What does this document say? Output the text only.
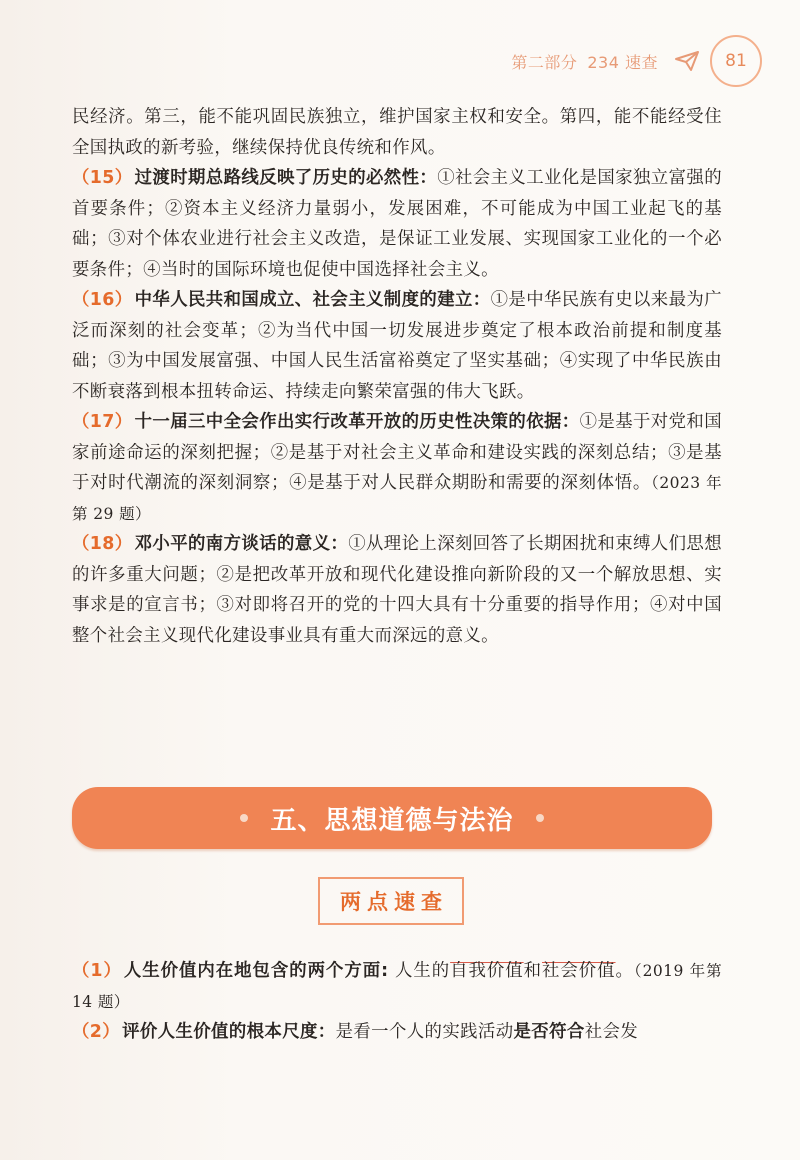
第二部分 234 速查	81

民经济。第三，能不能巩固民族独立，维护国家主权和安全。第四，能不能经受住全国执政的新考验，继续保持优良传统和作风。

（15） 过渡时期总路线反映了历史的必然性：①社会主义工业化是国家独立富强的首要条件；②资本主义经济力量弱小，发展困难，不可能成为中国工业起飞的基础；③对个体农业进行社会主义改造，是保证工业发展、实现国家工业化的一个必要条件；④当时的国际环境也促使中国选择社会主义。

（16） 中华人民共和国成立、社会主义制度的建立：①是中华民族有史以来最为广泛而深刻的社会变革；②为当代中国一切发展进步奠定了根本政治前提和制度基础；③为中国发展富强、中国人民生活富裕奠定了坚实基础；④实现了中华民族由不断衰落到根本扭转命运、持续走向繁荣富强的伟大飞跃。

（17） 十一届三中全会作出实行改革开放的历史性决策的依据：①是基于对党和国家前途命运的深刻把握；②是基于对社会主义革命和建设实践的深刻总结；③是基于对时代潮流的深刻洞察；④是基于对人民群众期盼和需要的深刻体悟。（2023 年第 29 题）

（18） 邓小平的南方谈话的意义：①从理论上深刻回答了长期困扰和束缚人们思想的许多重大问题；②是把改革开放和现代化建设推向新阶段的又一个解放思想、实事求是的宣言书；③对即将召开的党的十四大具有十分重要的指导作用；④对中国整个社会主义现代化建设事业具有重大而深远的意义。

五、思想道德与法治
两点速查

（1） 人生价值内在地包含的两个方面: 人生的自我价值和社会价值。（2019 年第 14 题）

（2） 评价人生价值的根本尺度：是看一个人的实践活动是否符合社会发
